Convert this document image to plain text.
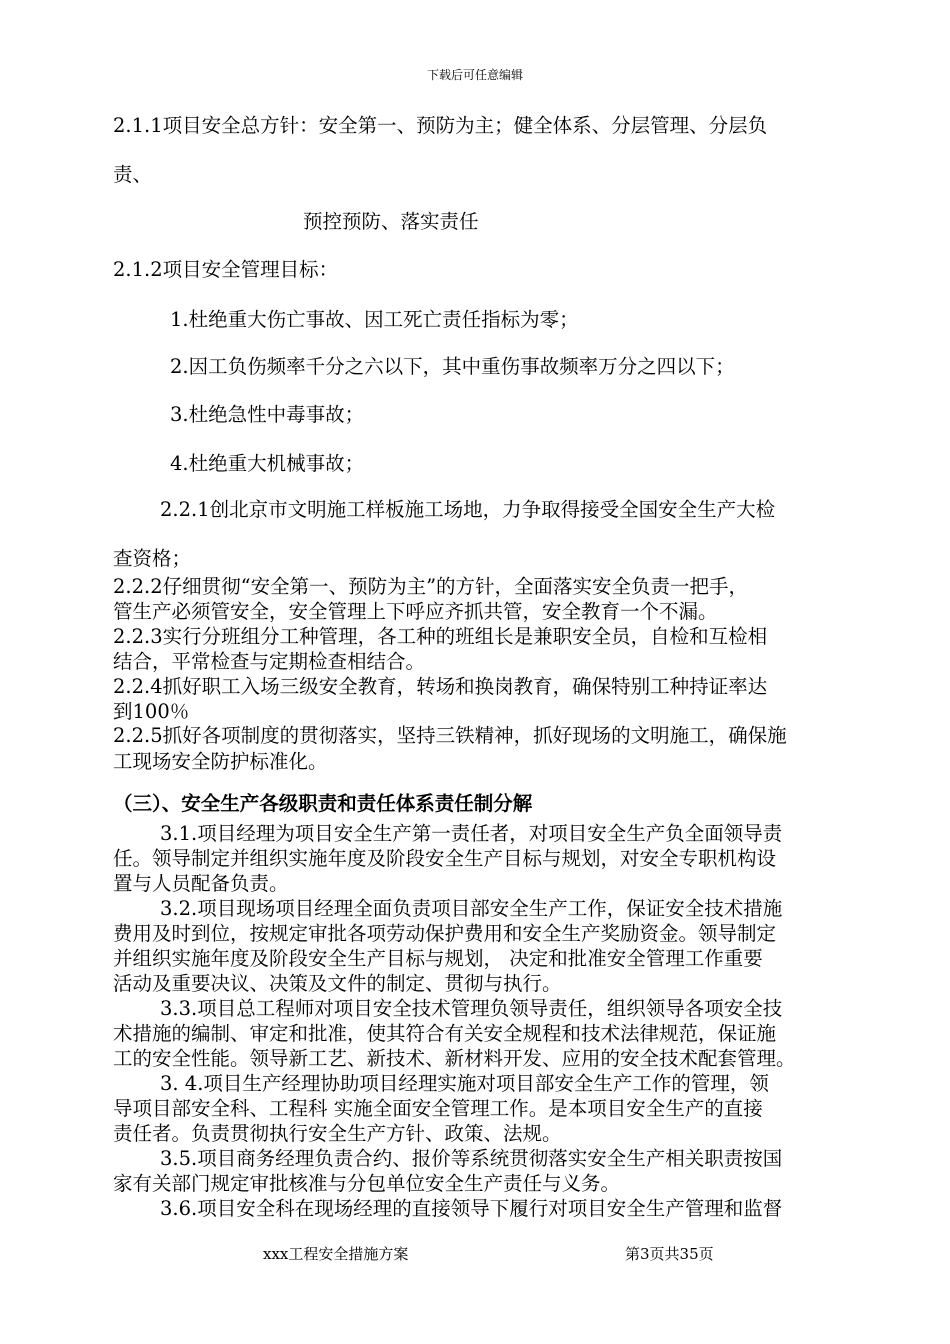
下载后可任意编辑
2.1.1项目安全总方针：安全第一、预防为主；健全体系、分层管理、分层负
责、
预控预防、落实责任
2.1.2项目安全管理目标：
1.杜绝重大伤亡事故、因工死亡责任指标为零；
2.因工负伤频率千分之六以下，其中重伤事故频率万分之四以下；
3.杜绝急性中毒事故；
4.杜绝重大机械事故；
2.2.1创北京市文明施工样板施工场地，力争取得接受全国安全生产大检
查资格；
2.2.2仔细贯彻“安全第一、预防为主”的方针，全面落实安全负责一把手，
管生产必须管安全，安全管理上下呼应齐抓共管，安全教育一个不漏。
2.2.3实行分班组分工种管理，各工种的班组长是兼职安全员，自检和互检相
结合，平常检查与定期检查相结合。
2.2.4抓好职工入场三级安全教育，转场和换岗教育，确保特别工种持证率达
到100％
2.2.5抓好各项制度的贯彻落实，坚持三铁精神，抓好现场的文明施工，确保施
工现场安全防护标准化。
（三）、安全生产各级职责和责任体系责任制分解
3.1.项目经理为项目安全生产第一责任者，对项目安全生产负全面领导责
任。领导制定并组织实施年度及阶段安全生产目标与规划，对安全专职机构设
置与人员配备负责。
3.2.项目现场项目经理全面负责项目部安全生产工作，保证安全技术措施
费用及时到位，按规定审批各项劳动保护费用和安全生产奖励资金。领导制定
并组织实施年度及阶段安全生产目标与规划， 决定和批准安全管理工作重要
活动及重要决议、决策及文件的制定、贯彻与执行。
3.3.项目总工程师对项目安全技术管理负领导责任，组织领导各项安全技
术措施的编制、审定和批准，使其符合有关安全规程和技术法律规范，保证施
工的安全性能。领导新工艺、新技术、新材料开发、应用的安全技术配套管理。
3. 4.项目生产经理协助项目经理实施对项目部安全生产工作的管理，领
导项目部安全科、工程科 实施全面安全管理工作。是本项目安全生产的直接
责任者。负责贯彻执行安全生产方针、政策、法规。
3.5.项目商务经理负责合约、报价等系统贯彻落实安全生产相关职责按国
家有关部门规定审批核准与分包单位安全生产责任与义务。
3.6.项目安全科在现场经理的直接领导下履行对项目安全生产管理和监督
xxx工程安全措施方案	第3页共35页
